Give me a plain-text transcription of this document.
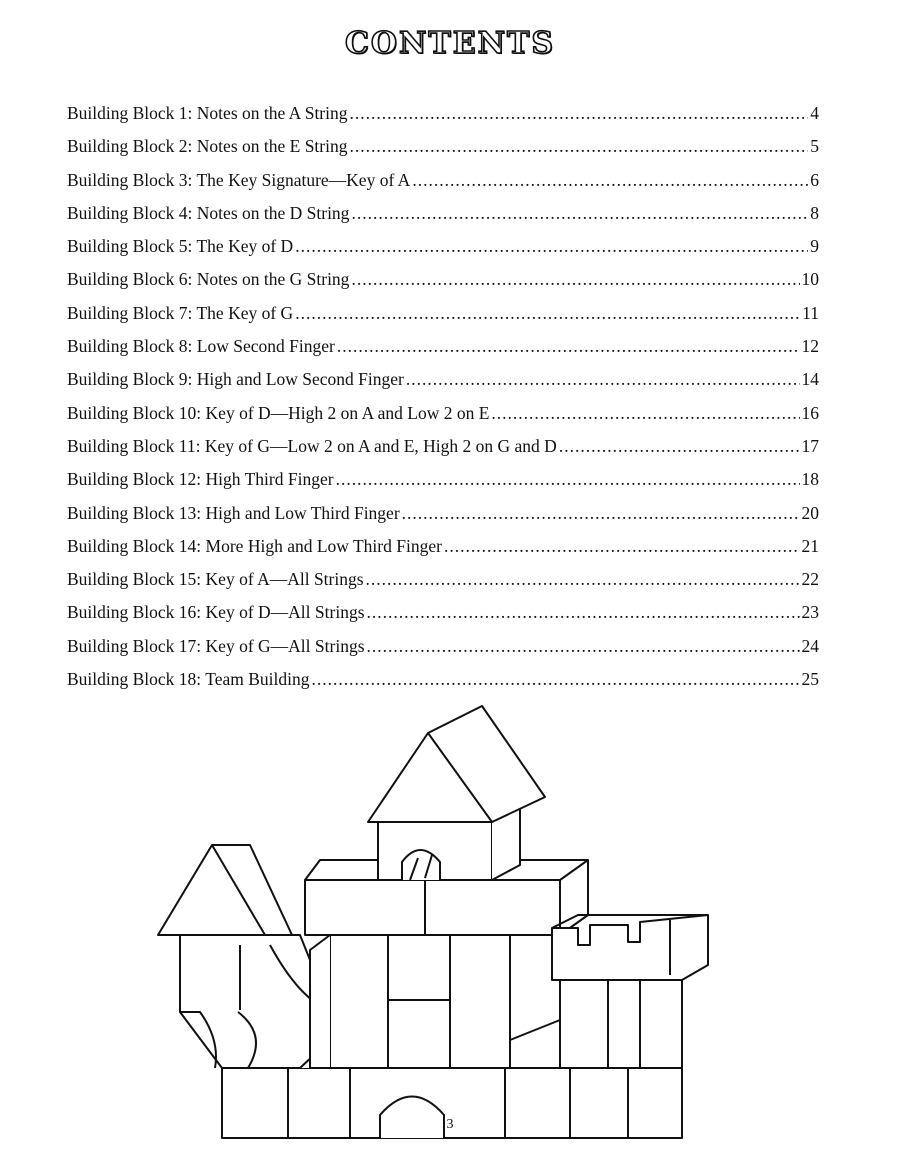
CONTENTS
Building Block 1: Notes on the A String .....	4
Building Block 2: Notes on the E String .....	5
Building Block 3: The Key Signature—Key of A .....	6
Building Block 4: Notes on the D String .....	8
Building Block 5: The Key of D .....	9
Building Block 6: Notes on the G String .....	10
Building Block 7: The Key of G .....	11
Building Block 8: Low Second Finger .....	12
Building Block 9: High and Low Second Finger .....	14
Building Block 10: Key of D—High 2 on A and Low 2 on E .....	16
Building Block 11: Key of G—Low 2 on A and E, High 2 on G and D .....	17
Building Block 12: High Third Finger .....	18
Building Block 13: High and Low Third Finger .....	20
Building Block 14: More High and Low Third Finger .....	21
Building Block 15: Key of A—All Strings .....	22
Building Block 16: Key of D—All Strings .....	23
Building Block 17: Key of G—All Strings .....	24
Building Block 18: Team Building .....	25
3
